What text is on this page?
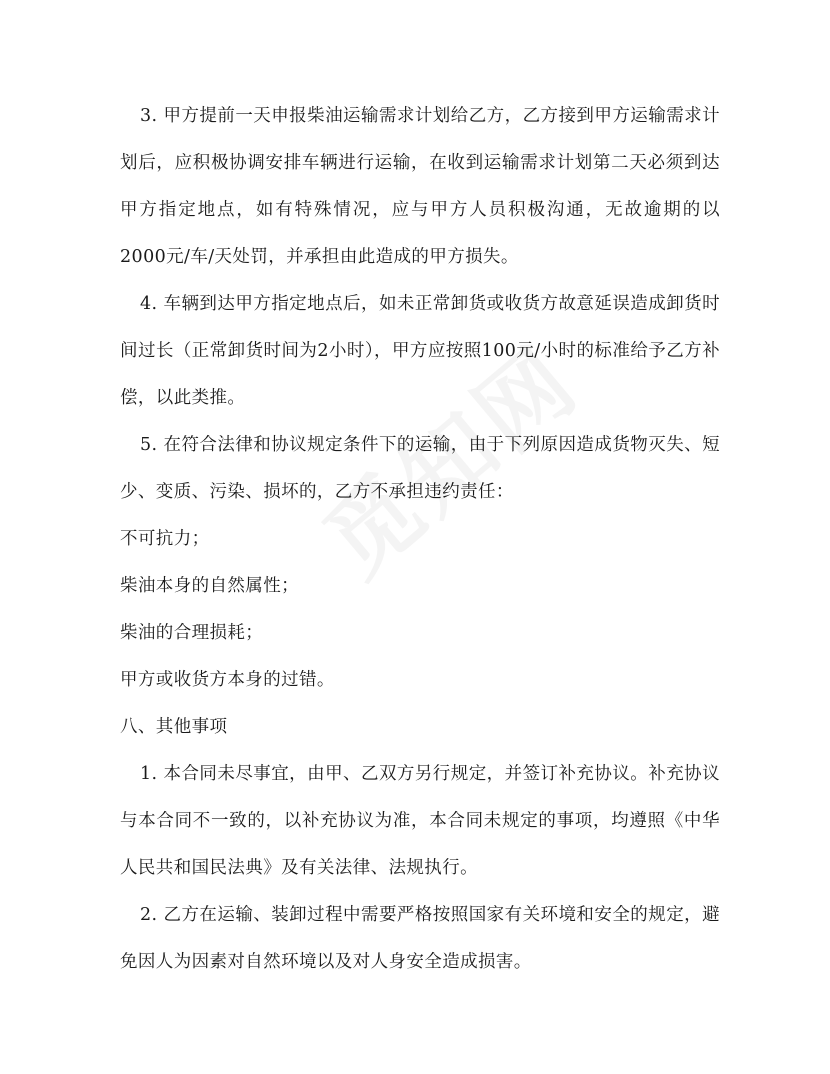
3. 甲方提前一天申报柴油运输需求计划给乙方，乙方接到甲方运输需求计划后，应积极协调安排车辆进行运输，在收到运输需求计划第二天必须到达甲方指定地点，如有特殊情况，应与甲方人员积极沟通，无故逾期的以2000元/车/天处罚，并承担由此造成的甲方损失。

4. 车辆到达甲方指定地点后，如未正常卸货或收货方故意延误造成卸货时间过长（正常卸货时间为2小时），甲方应按照100元/小时的标准给予乙方补偿，以此类推。

5. 在符合法律和协议规定条件下的运输，由于下列原因造成货物灭失、短少、变质、污染、损坏的，乙方不承担违约责任：

不可抗力；

柴油本身的自然属性；

柴油的合理损耗；

甲方或收货方本身的过错。

八、其他事项

1. 本合同未尽事宜，由甲、乙双方另行规定，并签订补充协议。补充协议与本合同不一致的，以补充协议为准，本合同未规定的事项，均遵照《中华人民共和国民法典》及有关法律、法规执行。

2. 乙方在运输、装卸过程中需要严格按照国家有关环境和安全的规定，避免因人为因素对自然环境以及对人身安全造成损害。
